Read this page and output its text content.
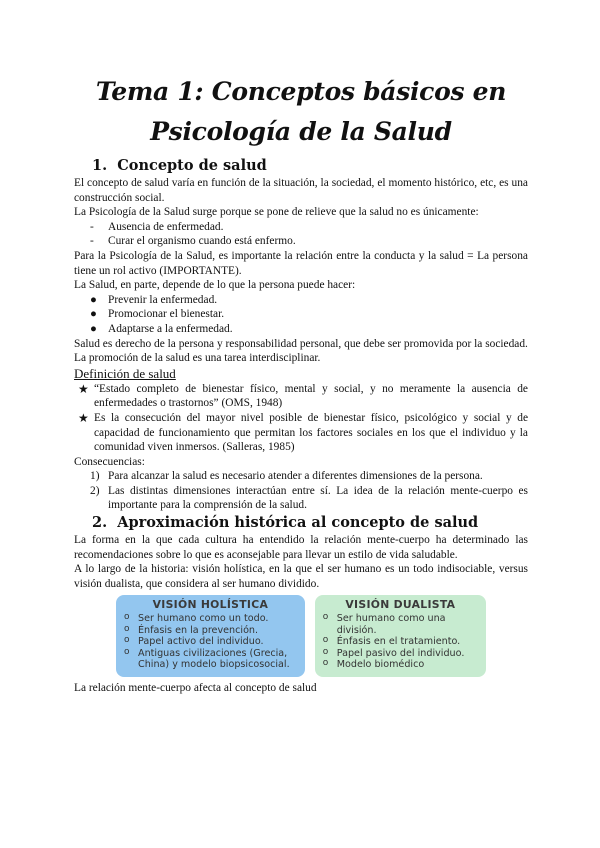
Tema 1: Conceptos básicos en Psicología de la Salud
1.  Concepto de salud

El concepto de salud varía en función de la situación, la sociedad, el momento histórico, etc, es una construcción social.

La Psicología de la Salud surge porque se pone de relieve que la salud no es únicamente:

- Ausencia de enfermedad.
- Curar el organismo cuando está enfermo.

Para la Psicología de la Salud, es importante la relación entre la conducta y la salud = La persona tiene un rol activo (IMPORTANTE).

La Salud, en parte, depende de lo que la persona puede hacer:

● Prevenir la enfermedad.
● Promocionar el bienestar.
● Adaptarse a la enfermedad.

Salud es derecho de la persona y responsabilidad personal, que debe ser promovida por la sociedad.

La promoción de la salud es una tarea interdisciplinar.

Definición de salud

★ “Estado completo de bienestar físico, mental y social, y no meramente la ausencia de enfermedades o trastornos” (OMS, 1948)
★ Es la consecución del mayor nivel posible de bienestar físico, psicológico y social y de capacidad de funcionamiento que permitan los factores sociales en los que el individuo y la comunidad viven inmersos. (Salleras, 1985)

Consecuencias:

1) Para alcanzar la salud es necesario atender a diferentes dimensiones de la persona.
2) Las distintas dimensiones interactúan entre sí. La idea de la relación mente-cuerpo es importante para la comprensión de la salud.
2.  Aproximación histórica al concepto de salud

La forma en la que cada cultura ha entendido la relación mente-cuerpo ha determinado las recomendaciones sobre lo que es aconsejable para llevar un estilo de vida saludable.

A lo largo de la historia: visión holística, en la que el ser humano es un todo indisociable, versus visión dualista, que considera al ser humano dividido.

VISIÓN HOLÍSTICA
o Ser humano como un todo.
o Énfasis en la prevención.
o Papel activo del individuo.
o Antiguas civilizaciones (Grecia, China) y modelo biopsicosocial.
VISIÓN DUALISTA
o Ser humano como una división.
o Énfasis en el tratamiento.
o Papel pasivo del individuo.
o Modelo biomédico

La relación mente-cuerpo afecta al concepto de salud
